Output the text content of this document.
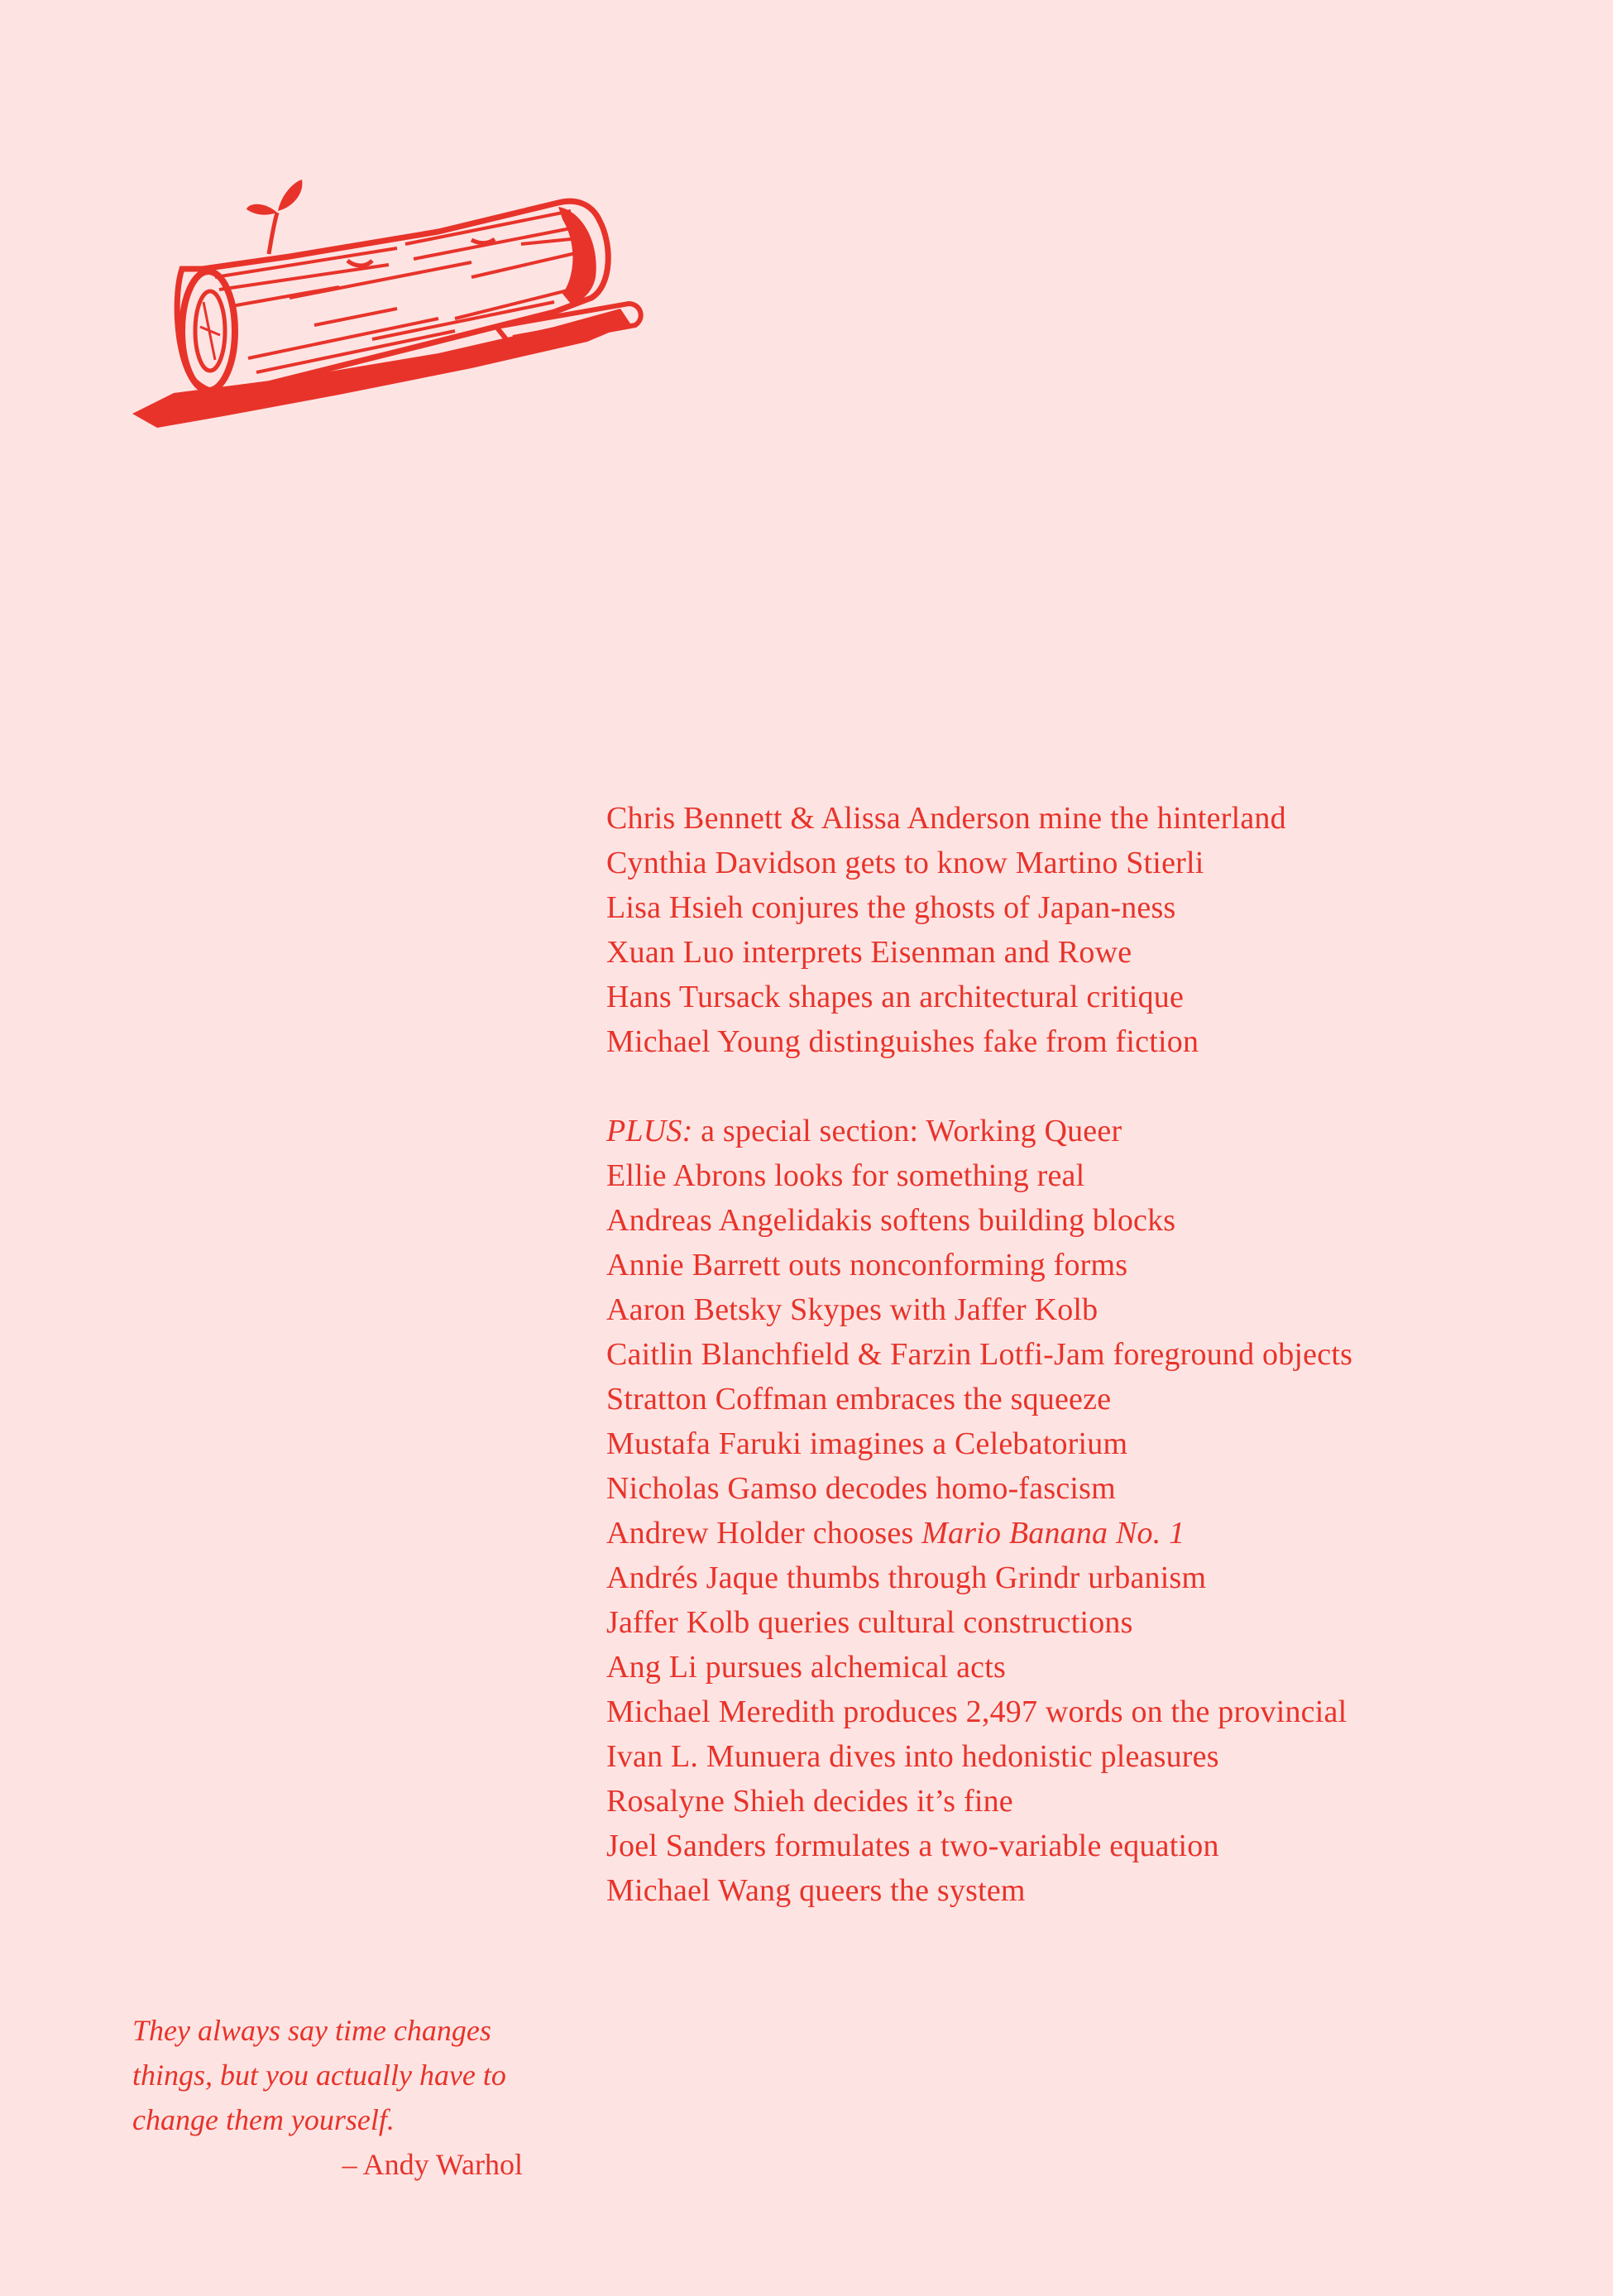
Chris Bennett & Alissa Anderson mine the hinterland
Cynthia Davidson gets to know Martino Stierli
Lisa Hsieh conjures the ghosts of Japan-ness
Xuan Luo interprets Eisenman and Rowe
Hans Tursack shapes an architectural critique
Michael Young distinguishes fake from fiction
PLUS: a special section: Working Queer
Ellie Abrons looks for something real
Andreas Angelidakis softens building blocks
Annie Barrett outs nonconforming forms
Aaron Betsky Skypes with Jaffer Kolb
Caitlin Blanchfield & Farzin Lotfi-Jam foreground objects
Stratton Coffman embraces the squeeze
Mustafa Faruki imagines a Celebatorium
Nicholas Gamso decodes homo-fascism
Andrew Holder chooses Mario Banana No. 1
Andrés Jaque thumbs through Grindr urbanism
Jaffer Kolb queries cultural constructions
Ang Li pursues alchemical acts
Michael Meredith produces 2,497 words on the provincial
Ivan L. Munuera dives into hedonistic pleasures
Rosalyne Shieh decides it’s fine
Joel Sanders formulates a two-variable equation
Michael Wang queers the system
They always say time changes
things, but you actually have to
change them yourself.
– Andy Warhol
